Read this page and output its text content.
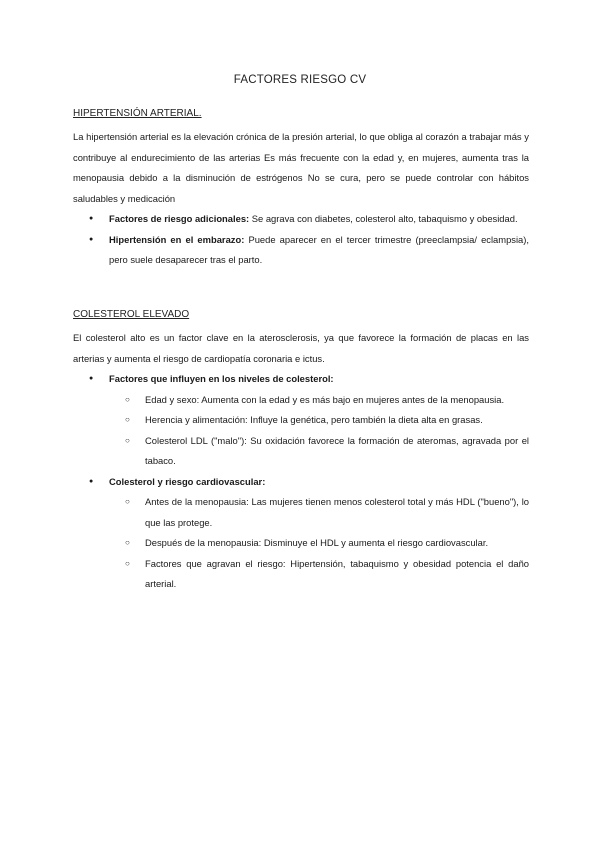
FACTORES RIESGO CV
HIPERTENSIÓN ARTERIAL.

La hipertensión arterial es la elevación crónica de la presión arterial, lo que obliga al corazón a trabajar más y contribuye al endurecimiento de las arterias Es más frecuente con la edad y, en mujeres, aumenta tras la menopausia debido a la disminución de estrógenos No se cura, pero se puede controlar con hábitos saludables y medicación

● Factores de riesgo adicionales: Se agrava con diabetes, colesterol alto, tabaquismo y obesidad.
● Hipertensión en el embarazo: Puede aparecer en el tercer trimestre (preeclampsia/ eclampsia), pero suele desaparecer tras el parto.
COLESTEROL ELEVADO

El colesterol alto es un factor clave en la aterosclerosis, ya que favorece la formación de placas en las arterias y aumenta el riesgo de cardiopatía coronaria e ictus.

● Factores que influyen en los niveles de colesterol:
○ Edad y sexo: Aumenta con la edad y es más bajo en mujeres antes de la menopausia.
○ Herencia y alimentación: Influye la genética, pero también la dieta alta en grasas.
○ Colesterol LDL ("malo"): Su oxidación favorece la formación de ateromas, agravada por el tabaco.
● Colesterol y riesgo cardiovascular:
○ Antes de la menopausia: Las mujeres tienen menos colesterol total y más HDL ("bueno"), lo que las protege.
○ Después de la menopausia: Disminuye el HDL y aumenta el riesgo cardiovascular.
○ Factores que agravan el riesgo: Hipertensión, tabaquismo y obesidad potencia el daño arterial.
